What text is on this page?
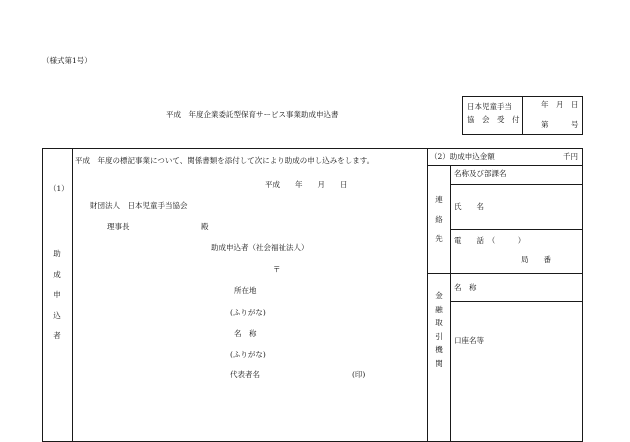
（様式第1号）
平成　年度企業委託型保育サービス事業助成申込書
日本児童手当
協　会　受　付
年　月　日
第　　　号
（1）
助
成
申
込
者
平成　年度の標記事業について、関係書類を添付して次により助成の申し込みをします。
平成　　年　　月　　日
財団法人　日本児童手当協会
理事長	殿
助成申込者（社会福祉法人）
〒
所在地
(ふりがな)
名　称
(ふりがな)
代表者名	(印)
（2）助成申込金額	千円
連
絡
先
名称及び部課名
氏　　名
電　　話　（　　　）
局　　番
金
融
取
引
機
関
名　称
口座名等
